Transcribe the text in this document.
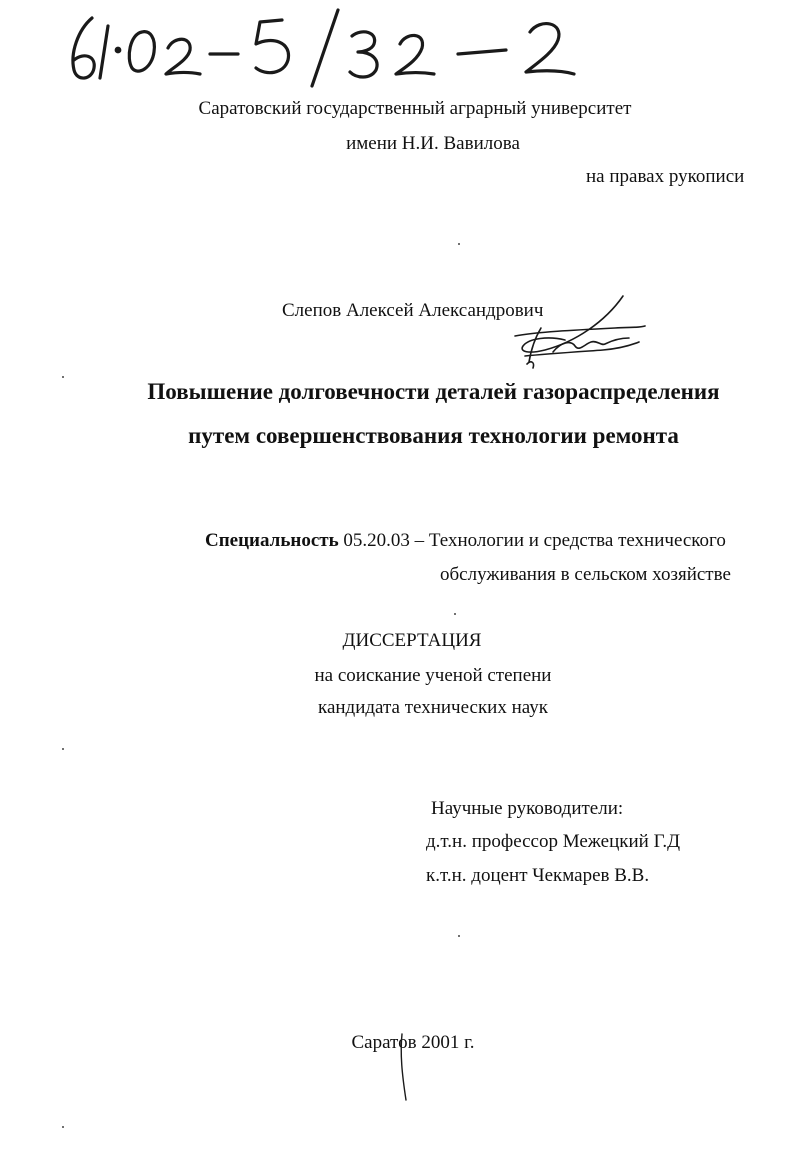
Саратовский государственный аграрный университет
имени Н.И. Вавилова
на правах рукописи
Слепов Алексей Александрович
Повышение долговечности деталей газораспределения
путем совершенствования технологии ремонта
Специальность 05.20.03 – Технологии и средства технического
обслуживания в сельском хозяйстве
ДИССЕРТАЦИЯ
на соискание ученой степени
кандидата технических наук
Научные руководители:
д.т.н. профессор Межецкий Г.Д
к.т.н. доцент Чекмарев В.В.
Саратов 2001 г.
